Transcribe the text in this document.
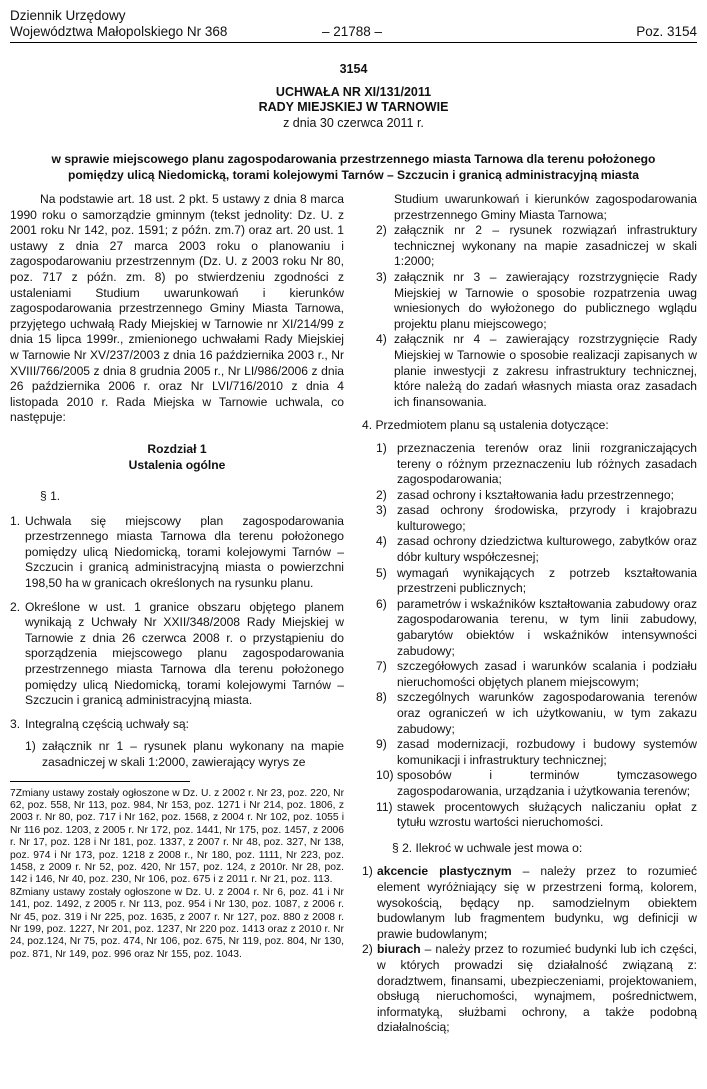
Dziennik Urzędowy
Województwa Małopolskiego Nr 368	– 21788 –	Poz. 3154
3154
UCHWAŁA NR XI/131/2011
RADY MIEJSKIEJ W TARNOWIE
z dnia 30 czerwca 2011 r.
w sprawie miejscowego planu zagospodarowania przestrzennego miasta Tarnowa dla terenu położonego
pomiędzy ulicą Niedomicką, torami kolejowymi Tarnów – Szczucin i granicą administracyjną miasta

Na podstawie art. 18 ust. 2 pkt. 5 ustawy z dnia 8 marca 1990 roku o samorządzie gminnym (tekst jednolity: Dz. U. z 2001 roku Nr 142, poz. 1591; z późn. zm.7) oraz art. 20 ust. 1 ustawy z dnia 27 marca 2003 roku o planowaniu i zagospodarowaniu przestrzennym (Dz. U. z 2003 roku Nr 80, poz. 717 z późn. zm. 8) po stwierdzeniu zgodności z ustaleniami Studium uwarunkowań i kierunków zagospodarowania przestrzennego Gminy Miasta Tarnowa, przyjętego uchwałą Rady Miejskiej w Tarnowie nr XI/214/99 z dnia 15 lipca 1999r., zmienionego uchwałami Rady Miejskiej w Tarnowie Nr XV/237/2003 z dnia 16 października 2003 r., Nr XVIII/766/2005 z dnia 8 grudnia 2005 r., Nr LI/986/2006 z dnia 26 października 2006 r. oraz Nr LVI/716/2010 z dnia 4 listopada 2010 r. Rada Miejska w Tarnowie uchwala, co następuje:

Rozdział 1
Ustalenia ogólne

§ 1.

1. Uchwala się miejscowy plan zagospodarowania przestrzennego miasta Tarnowa dla terenu położonego pomiędzy ulicą Niedomicką, torami kolejowymi Tarnów – Szczucin i granicą administracyjną miasta o powierzchni 198,50 ha w granicach określonych na rysunku planu.
2. Określone w ust. 1 granice obszaru objętego planem wynikają z Uchwały Nr XXII/348/2008 Rady Miejskiej w Tarnowie z dnia 26 czerwca 2008 r. o przystąpieniu do sporządzenia miejscowego planu zagospodarowania przestrzennego miasta Tarnowa dla terenu położonego pomiędzy ulicą Niedomicką, torami kolejowymi Tarnów – Szczucin i granicą administracyjną miasta.
3. Integralną częścią uchwały są:
1) załącznik nr 1 – rysunek planu wykonany na mapie zasadniczej w skali 1:2000, zawierający wyrys ze

7Zmiany ustawy zostały ogłoszone w Dz. U. z 2002 r. Nr 23, poz. 220, Nr 62, poz. 558, Nr 113, poz. 984, Nr 153, poz. 1271 i Nr 214, poz. 1806, z 2003 r. Nr 80, poz. 717 i Nr 162, poz. 1568, z 2004 r. Nr 102, poz. 1055 i Nr 116 poz. 1203, z 2005 r. Nr 172, poz. 1441, Nr 175, poz. 1457, z 2006 r. Nr 17, poz. 128 i Nr 181, poz. 1337, z 2007 r. Nr 48, poz. 327, Nr 138, poz. 974 i Nr 173, poz. 1218 z 2008 r., Nr 180, poz. 1111, Nr 223, poz. 1458, z 2009 r. Nr 52, poz. 420, Nr 157, poz. 124, z 2010r. Nr 28, poz. 142 i 146, Nr 40, poz. 230, Nr 106, poz. 675 i z 2011 r. Nr 21, poz. 113.

8Zmiany ustawy zostały ogłoszone w Dz. U. z 2004 r. Nr 6, poz. 41 i Nr 141, poz. 1492, z 2005 r. Nr 113, poz. 954 i Nr 130, poz. 1087, z 2006 r. Nr 45, poz. 319 i Nr 225, poz. 1635, z 2007 r. Nr 127, poz. 880 z 2008 r. Nr 199, poz. 1227, Nr 201, poz. 1237, Nr 220 poz. 1413 oraz z 2010 r. Nr 24, poz.124, Nr 75, poz. 474, Nr 106, poz. 675, Nr 119, poz. 804, Nr 130, poz. 871, Nr 149, poz. 996 oraz Nr 155, poz. 1043.

Studium uwarunkowań i kierunków zagospodarowania przestrzennego Gminy Miasta Tarnowa;

2) załącznik nr 2 – rysunek rozwiązań infrastruktury technicznej wykonany na mapie zasadniczej w skali 1:2000;
3) załącznik nr 3 – zawierający rozstrzygnięcie Rady Miejskiej w Tarnowie o sposobie rozpatrzenia uwag wniesionych do wyłożonego do publicznego wglądu projektu planu miejscowego;
4) załącznik nr 4 – zawierający rozstrzygnięcie Rady Miejskiej w Tarnowie o sposobie realizacji zapisanych w planie inwestycji z zakresu infrastruktury technicznej, które należą do zadań własnych miasta oraz zasadach ich finansowania.

4. Przedmiotem planu są ustalenia dotyczące:

1) przeznaczenia terenów oraz linii rozgraniczających tereny o różnym przeznaczeniu lub różnych zasadach zagospodarowania;
2) zasad ochrony i kształtowania ładu przestrzennego;
3) zasad ochrony środowiska, przyrody i krajobrazu kulturowego;
4) zasad ochrony dziedzictwa kulturowego, zabytków oraz dóbr kultury współczesnej;
5) wymagań wynikających z potrzeb kształtowania przestrzeni publicznych;
6) parametrów i wskaźników kształtowania zabudowy oraz zagospodarowania terenu, w tym linii zabudowy, gabarytów obiektów i wskaźników intensywności zabudowy;
7) szczegółowych zasad i warunków scalania i podziału nieruchomości objętych planem miejscowym;
8) szczególnych warunków zagospodarowania terenów oraz ograniczeń w ich użytkowaniu, w tym zakazu zabudowy;
9) zasad modernizacji, rozbudowy i budowy systemów komunikacji i infrastruktury technicznej;
10) sposobów i terminów tymczasowego zagospodarowania, urządzania i użytkowania terenów;
11) stawek procentowych służących naliczaniu opłat z tytułu wzrostu wartości nieruchomości.

§ 2. Ilekroć w uchwale jest mowa o:

1) akcencie plastycznym – należy przez to rozumieć element wyróżniający się w przestrzeni formą, kolorem, wysokością, będący np. samodzielnym obiektem budowlanym lub fragmentem budynku, wg definicji w prawie budowlanym;
2) biurach – należy przez to rozumieć budynki lub ich części, w których prowadzi się działalność związaną z: doradztwem, finansami, ubezpieczeniami, projektowaniem, obsługą nieruchomości, wynajmem, pośrednictwem, informatyką, służbami ochrony, a także podobną działalnością;
